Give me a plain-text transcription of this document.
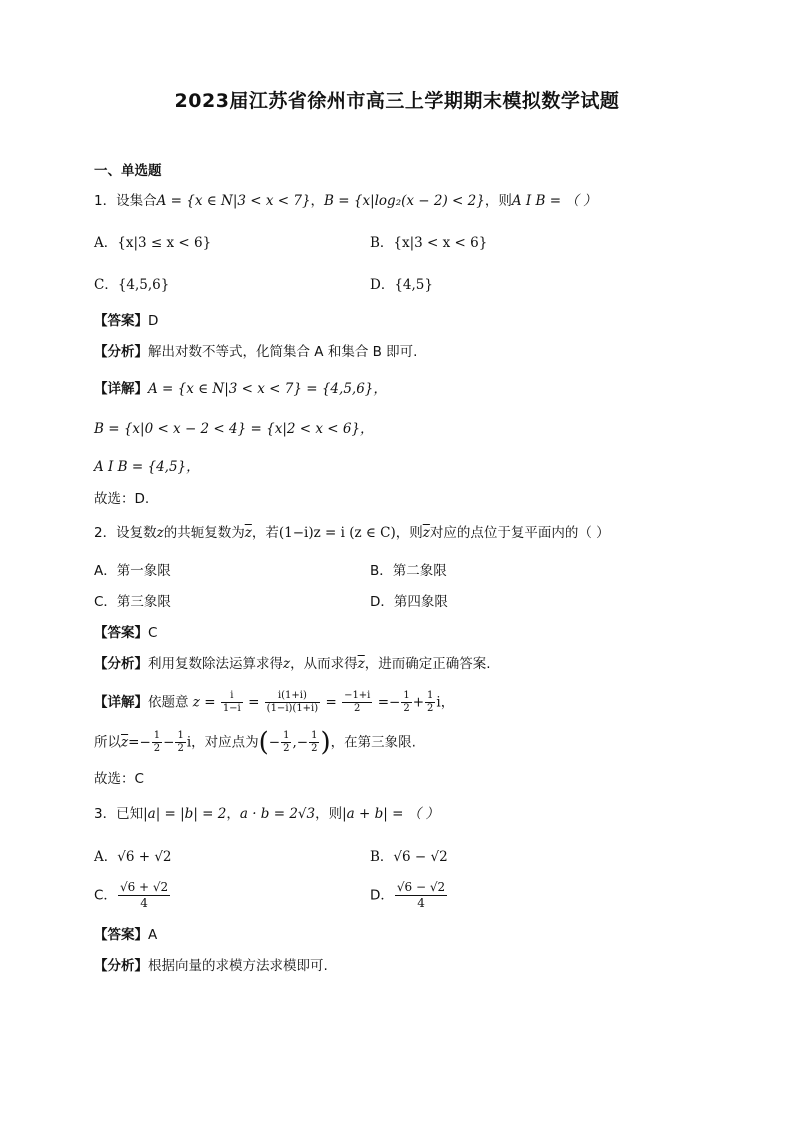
2023届江苏省徐州市高三上学期期末模拟数学试题
一、单选题
1．设集合A = {x ∈ N|3 < x < 7}，B = {x|log₂(x − 2) < 2}，则A I B = （ ）
A．{x|3 ≤ x < 6}	B．{x|3 < x < 6}
C．{4,5,6}	D．{4,5}
【答案】D
【分析】解出对数不等式，化简集合 A 和集合 B 即可.
【详解】A = {x ∈ N|3 < x < 7} = {4,5,6}，
B = {x|0 < x − 2 < 4} = {x|2 < x < 6}，
A I B = {4,5}，
故选：D.
2．设复数z的共轭复数为$\overline{z}$，若(1−i)z = i (z ∈ C)，则$\overline{z}$对应的点位于复平面内的（ ）
A．第一象限	B．第二象限
C．第三象限	D．第四象限
【答案】C
【分析】利用复数除法运算求得z，从而求得$\overline{z}$，进而确定正确答案.
【详解】依题意 $z = \frac{i}{1-i} = \frac{i(1+i)}{(1-i)(1+i)} = \frac{-1+i}{2} =- \frac{1}{2} + \frac{1}{2}$ i，
所以$\overline{z}=- \frac{1}{2} - \frac{1}{2}$ i，对应点为(− $\frac{1}{2}$ ,− $\frac{1}{2}$ )，在第三象限.
故选：C
3．已知|a| = |b| = 2，a · b = 2√3，则|a + b| = （ ）
A．√6 + √2	B．√6 − √2
C． $\frac{√6 + √2}{4}$	D． $\frac{√6 - √2}{4}$
【答案】A
【分析】根据向量的求模方法求模即可.
